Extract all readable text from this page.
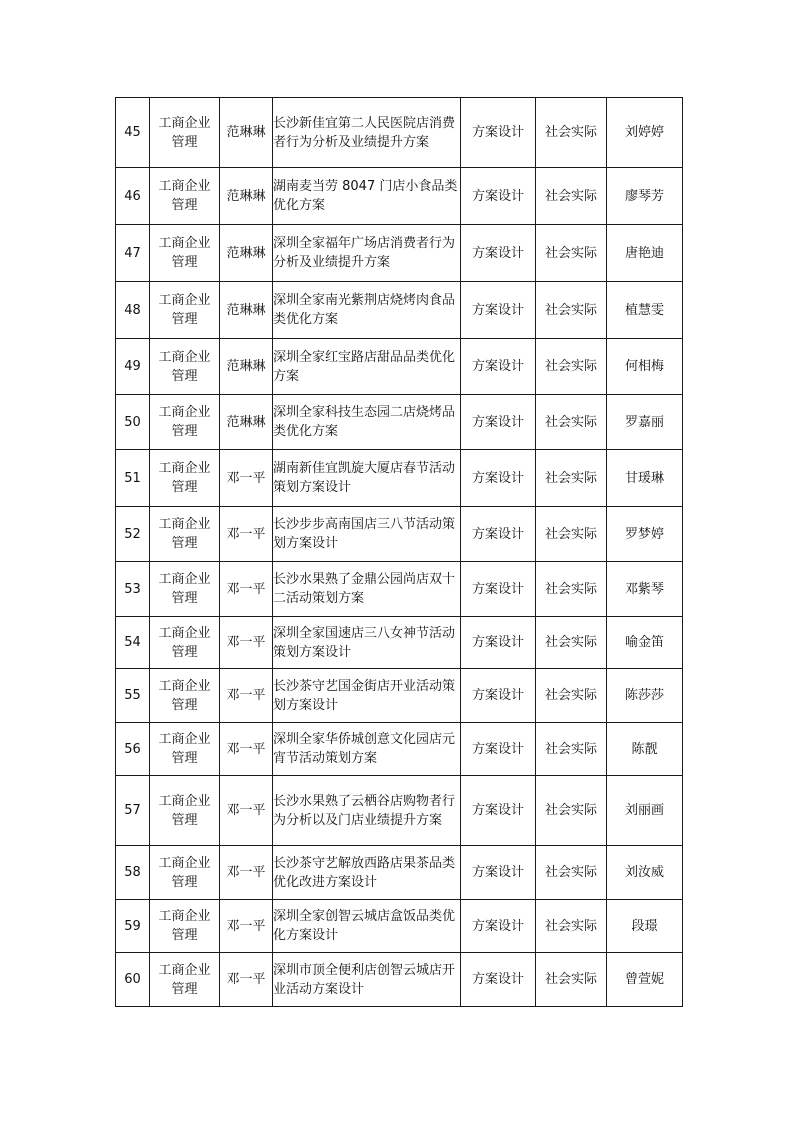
45	工商企业管理	范琳琳	长沙新佳宜第二人民医院店消费者行为分析及业绩提升方案	方案设计	社会实际	刘婷婷
46	工商企业管理	范琳琳	湖南麦当劳 8047 门店小食品类优化方案	方案设计	社会实际	廖琴芳
47	工商企业管理	范琳琳	深圳全家福年广场店消费者行为分析及业绩提升方案	方案设计	社会实际	唐艳迪
48	工商企业管理	范琳琳	深圳全家南光紫荆店烧烤肉食品类优化方案	方案设计	社会实际	植慧雯
49	工商企业管理	范琳琳	深圳全家红宝路店甜品品类优化方案	方案设计	社会实际	何相梅
50	工商企业管理	范琳琳	深圳全家科技生态园二店烧烤品类优化方案	方案设计	社会实际	罗嘉丽
51	工商企业管理	邓一平	湖南新佳宜凯旋大厦店春节活动策划方案设计	方案设计	社会实际	甘瑗琳
52	工商企业管理	邓一平	长沙步步高南国店三八节活动策划方案设计	方案设计	社会实际	罗梦婷
53	工商企业管理	邓一平	长沙水果熟了金鼎公园尚店双十二活动策划方案	方案设计	社会实际	邓紫琴
54	工商企业管理	邓一平	深圳全家国速店三八女神节活动策划方案设计	方案设计	社会实际	喻金笛
55	工商企业管理	邓一平	长沙茶守艺国金街店开业活动策划方案设计	方案设计	社会实际	陈莎莎
56	工商企业管理	邓一平	深圳全家华侨城创意文化园店元宵节活动策划方案	方案设计	社会实际	陈靓
57	工商企业管理	邓一平	长沙水果熟了云栖谷店购物者行为分析以及门店业绩提升方案	方案设计	社会实际	刘丽画
58	工商企业管理	邓一平	长沙茶守艺解放西路店果茶品类优化改进方案设计	方案设计	社会实际	刘汝威
59	工商企业管理	邓一平	深圳全家创智云城店盒饭品类优化方案设计	方案设计	社会实际	段璟
60	工商企业管理	邓一平	深圳市顶全便利店创智云城店开业活动方案设计	方案设计	社会实际	曾萱妮
